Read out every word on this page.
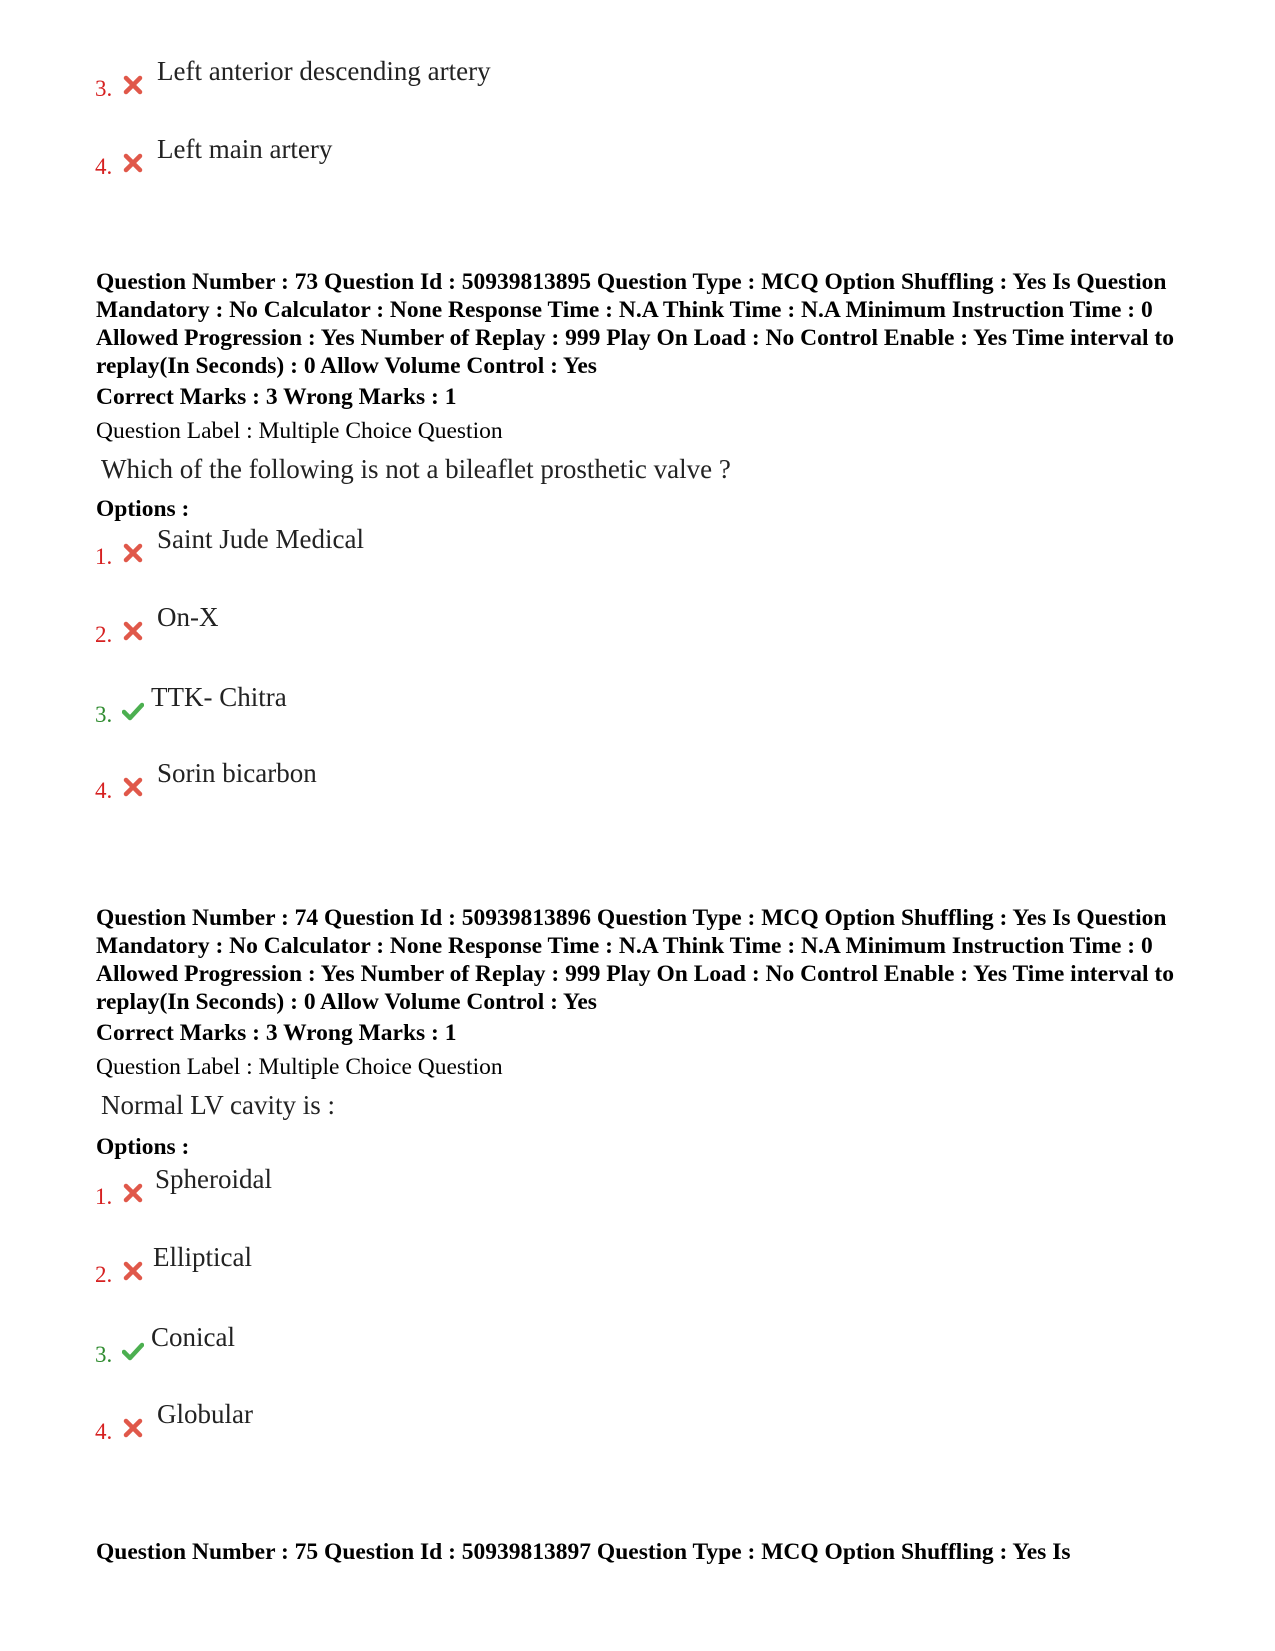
3.
Left anterior descending artery
4.
Left main artery
Question Number : 73 Question Id : 50939813895 Question Type : MCQ Option Shuffling : Yes Is Question Mandatory : No Calculator : None Response Time : N.A Think Time : N.A Minimum Instruction Time : 0 Allowed Progression : Yes Number of Replay : 999 Play On Load : No Control Enable : Yes Time interval to replay(In Seconds) : 0 Allow Volume Control : Yes
Correct Marks : 3 Wrong Marks : 1
Question Label : Multiple Choice Question
Which of the following is not a bileaflet prosthetic valve ?
Options :
1.
Saint Jude Medical
2.
On-X
3.
TTK- Chitra
4.
Sorin bicarbon
Question Number : 74 Question Id : 50939813896 Question Type : MCQ Option Shuffling : Yes Is Question Mandatory : No Calculator : None Response Time : N.A Think Time : N.A Minimum Instruction Time : 0 Allowed Progression : Yes Number of Replay : 999 Play On Load : No Control Enable : Yes Time interval to replay(In Seconds) : 0 Allow Volume Control : Yes
Correct Marks : 3 Wrong Marks : 1
Question Label : Multiple Choice Question
Normal LV cavity is :
Options :
1.
Spheroidal
2.
Elliptical
3.
Conical
4.
Globular
Question Number : 75 Question Id : 50939813897 Question Type : MCQ Option Shuffling : Yes Is
